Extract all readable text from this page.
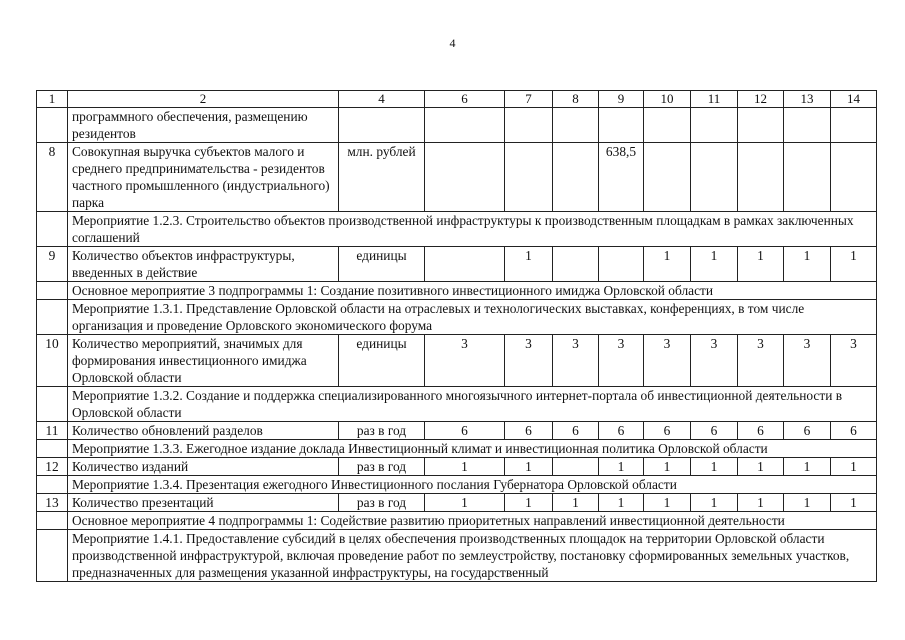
4
1	2	4	6	7	8	9	10	11	12	13	14
	программного обеспечения, размещению резидентов										
8	Совокупная выручка субъектов малого и среднего предпринимательства - резидентов частного промышленного (индустриального) парка	млн. рублей				638,5					
	Мероприятие 1.2.3. Строительство объектов производственной инфраструктуры к производственным площадкам в рамках заключенных соглашений										
9	Количество объектов инфраструктуры, введенных в действие	единицы		1			1	1	1	1	1
	Основное мероприятие 3 подпрограммы 1: Создание позитивного инвестиционного имиджа Орловской области										
	Мероприятие 1.3.1. Представление Орловской области на отраслевых и технологических выставках, конференциях, в том числе организация и проведение Орловского экономического форума										
10	Количество мероприятий, значимых для формирования инвестиционного имиджа Орловской области	единицы	3	3	3	3	3	3	3	3	3
	Мероприятие 1.3.2. Создание и поддержка специализированного многоязычного интернет-портала об инвестиционной деятельности в Орловской области										
11	Количество обновлений разделов	раз в год	6	6	6	6	6	6	6	6	6
	Мероприятие 1.3.3. Ежегодное издание доклада Инвестиционный климат и инвестиционная политика Орловской области										
12	Количество изданий	раз в год	1	1		1	1	1	1	1	1
	Мероприятие 1.3.4. Презентация ежегодного Инвестиционного послания Губернатора Орловской области										
13	Количество презентаций	раз в год	1	1	1	1	1	1	1	1	1
	Основное мероприятие 4 подпрограммы 1: Содействие развитию приоритетных направлений инвестиционной деятельности										
	Мероприятие 1.4.1. Предоставление субсидий в целях обеспечения производственных площадок на территории Орловской области производственной инфраструктурой, включая проведение работ по землеустройству, постановку сформированных земельных участков, предназначенных для размещения указанной инфраструктуры, на государственный										
